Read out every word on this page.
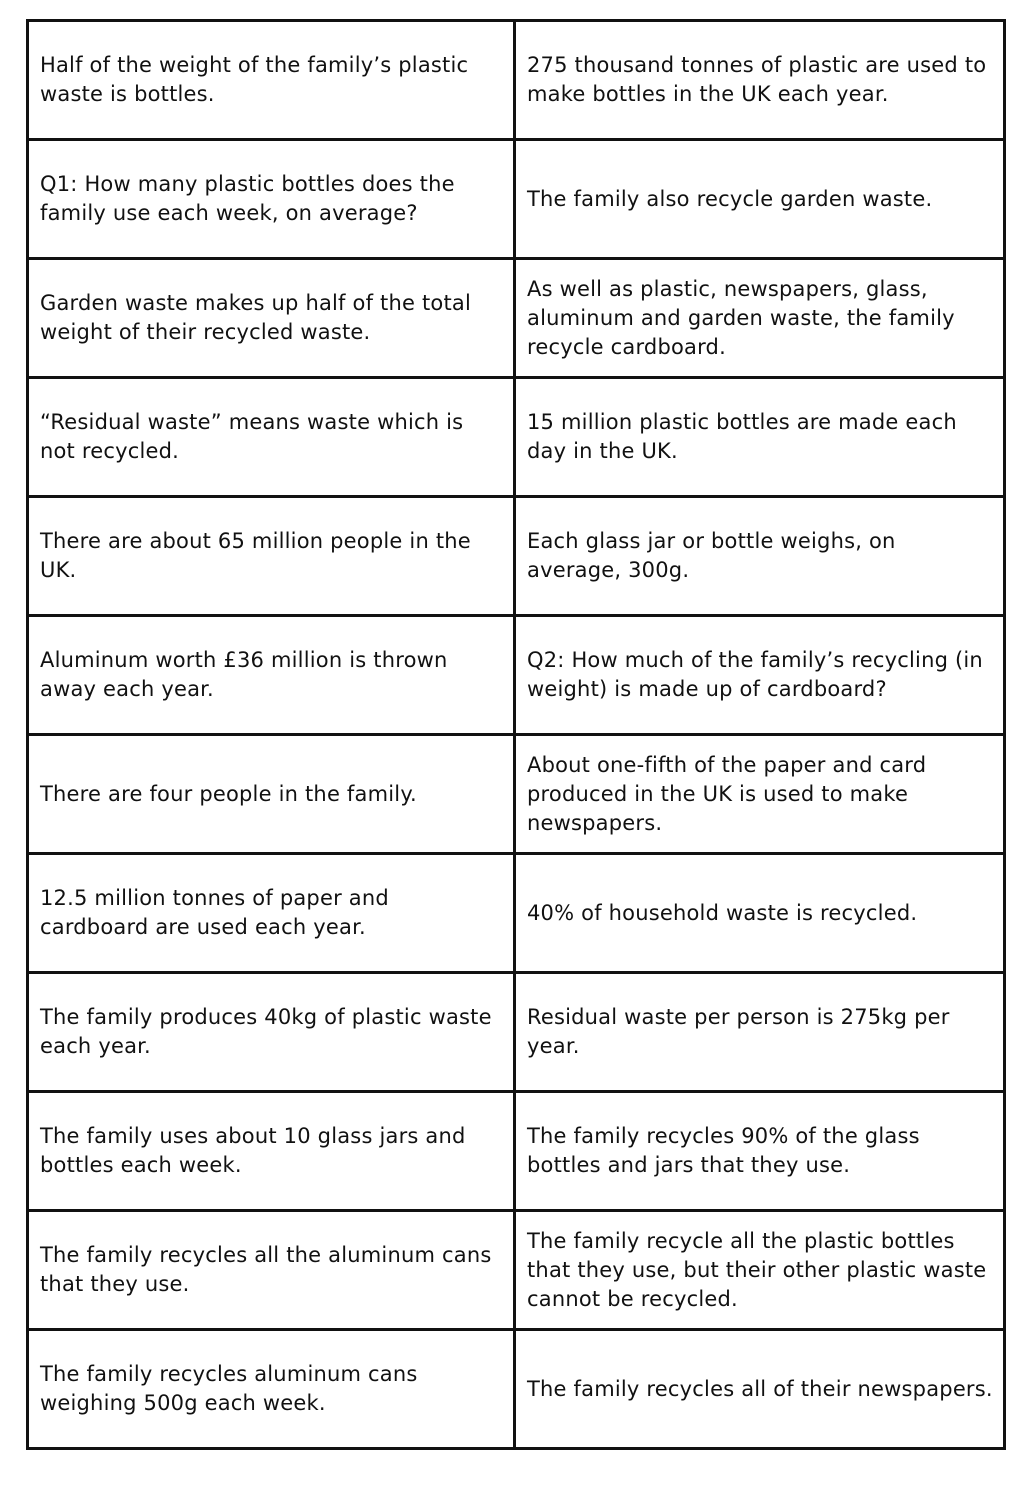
Half of the weight of the family’s plastic waste is bottles.	275 thousand tonnes of plastic are used to make bottles in the UK each year.
Q1: How many plastic bottles does the family use each week, on average?	The family also recycle garden waste.
Garden waste makes up half of the total weight of their recycled waste.	As well as plastic, newspapers, glass, aluminum and garden waste, the family recycle cardboard.
“Residual waste” means waste which is not recycled.	15 million plastic bottles are made each day in the UK.
There are about 65 million people in the UK.	Each glass jar or bottle weighs, on average, 300g.
Aluminum worth £36 million is thrown away each year.	Q2: How much of the family’s recycling (in weight) is made up of cardboard?
There are four people in the family.	About one-fifth of the paper and card produced in the UK is used to make newspapers.
12.5 million tonnes of paper and cardboard are used each year.	40% of household waste is recycled.
The family produces 40kg of plastic waste each year.	Residual waste per person is 275kg per year.
The family uses about 10 glass jars and bottles each week.	The family recycles 90% of the glass bottles and jars that they use.
The family recycles all the aluminum cans that they use.	The family recycle all the plastic bottles that they use, but their other plastic waste cannot be recycled.
The family recycles aluminum cans weighing 500g each week.	The family recycles all of their newspapers.
